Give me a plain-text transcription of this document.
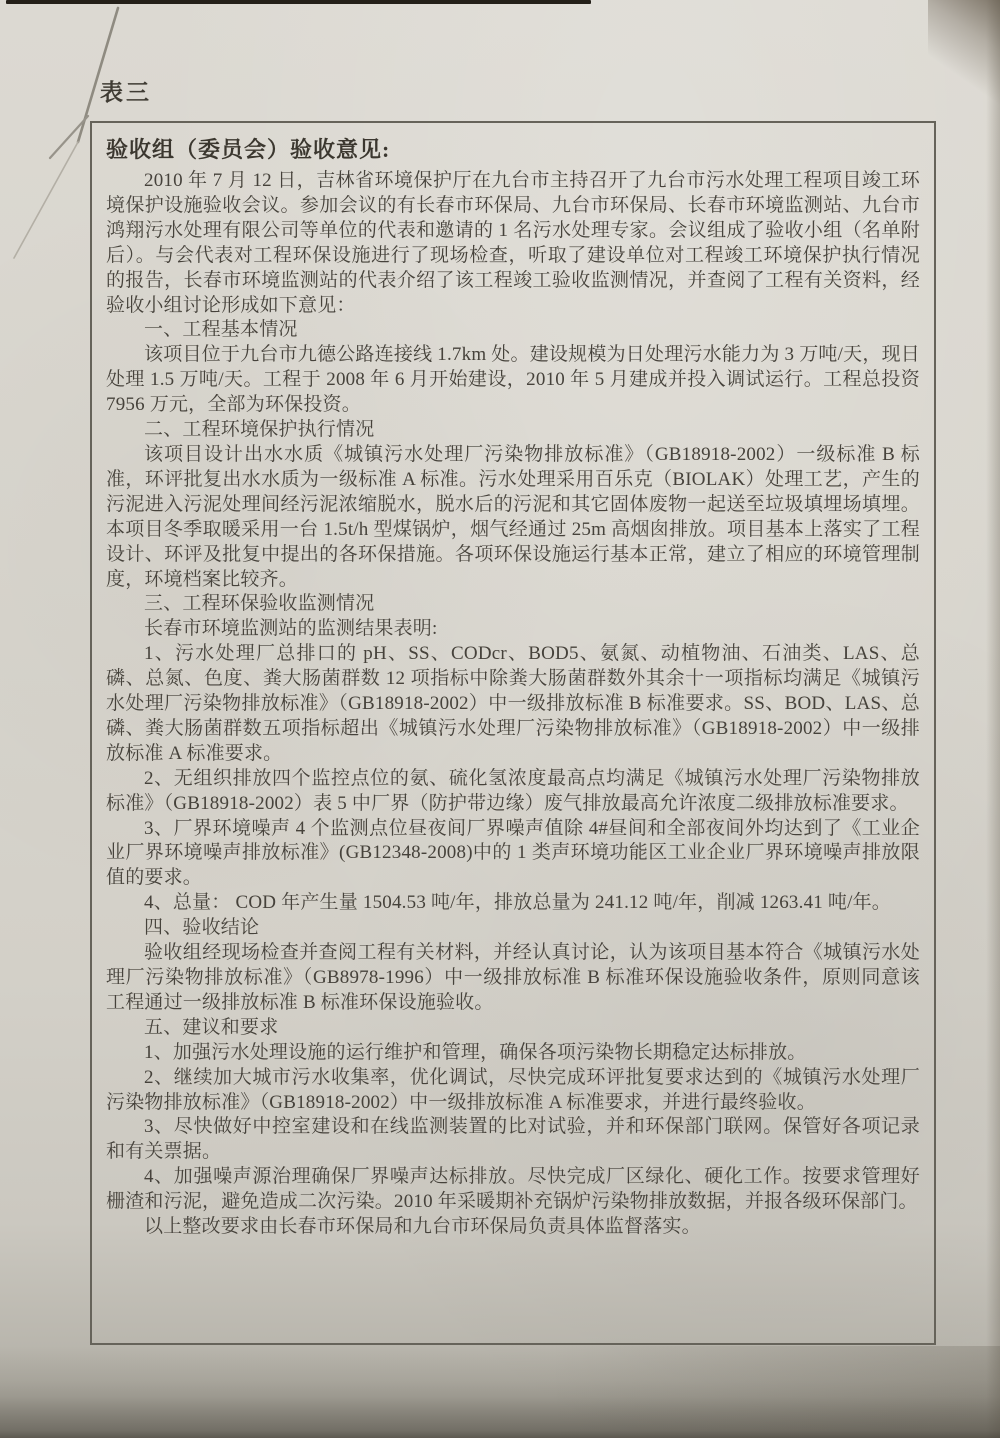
表三
验收组（委员会）验收意见:

2010 年 7 月 12 日，吉林省环境保护厅在九台市主持召开了九台市污水处理工程项目竣工环境保护设施验收会议。参加会议的有长春市环保局、九台市环保局、长春市环境监测站、九台市鸿翔污水处理有限公司等单位的代表和邀请的 1 名污水处理专家。会议组成了验收小组（名单附后）。与会代表对工程环保设施进行了现场检查，听取了建设单位对工程竣工环境保护执行情况的报告，长春市环境监测站的代表介绍了该工程竣工验收监测情况，并查阅了工程有关资料，经验收小组讨论形成如下意见：

一、工程基本情况

该项目位于九台市九德公路连接线 1.7km 处。建设规模为日处理污水能力为 3 万吨/天，现日处理 1.5 万吨/天。工程于 2008 年 6 月开始建设，2010 年 5 月建成并投入调试运行。工程总投资 7956 万元，全部为环保投资。

二、工程环境保护执行情况

该项目设计出水水质《城镇污水处理厂污染物排放标准》（GB18918-2002）一级标准 B 标准，环评批复出水水质为一级标准 A 标准。污水处理采用百乐克（BIOLAK）处理工艺，产生的污泥进入污泥处理间经污泥浓缩脱水，脱水后的污泥和其它固体废物一起送至垃圾填埋场填埋。本项目冬季取暖采用一台 1.5t/h 型煤锅炉，烟气经通过 25m 高烟囱排放。项目基本上落实了工程设计、环评及批复中提出的各环保措施。各项环保设施运行基本正常，建立了相应的环境管理制度，环境档案比较齐。

三、工程环保验收监测情况

长春市环境监测站的监测结果表明:

1、污水处理厂总排口的 pH、SS、CODcr、BOD5、氨氮、动植物油、石油类、LAS、总磷、总氮、色度、粪大肠菌群数 12 项指标中除粪大肠菌群数外其余十一项指标均满足《城镇污水处理厂污染物排放标准》（GB18918-2002）中一级排放标准 B 标准要求。SS、BOD、LAS、总磷、粪大肠菌群数五项指标超出《城镇污水处理厂污染物排放标准》（GB18918-2002）中一级排放标准 A 标准要求。

2、无组织排放四个监控点位的氨、硫化氢浓度最高点均满足《城镇污水处理厂污染物排放标准》（GB18918-2002）表 5 中厂界（防护带边缘）废气排放最高允许浓度二级排放标准要求。

3、厂界环境噪声 4 个监测点位昼夜间厂界噪声值除 4#昼间和全部夜间外均达到了《工业企业厂界环境噪声排放标准》(GB12348-2008)中的 1 类声环境功能区工业企业厂界环境噪声排放限值的要求。

4、总量： COD 年产生量 1504.53 吨/年，排放总量为 241.12 吨/年，削减 1263.41 吨/年。

四、验收结论

验收组经现场检查并查阅工程有关材料，并经认真讨论，认为该项目基本符合《城镇污水处理厂污染物排放标准》（GB8978-1996）中一级排放标准 B 标准环保设施验收条件，原则同意该工程通过一级排放标准 B 标准环保设施验收。

五、建议和要求

1、加强污水处理设施的运行维护和管理，确保各项污染物长期稳定达标排放。

2、继续加大城市污水收集率，优化调试，尽快完成环评批复要求达到的《城镇污水处理厂污染物排放标准》（GB18918-2002）中一级排放标准 A 标准要求，并进行最终验收。

3、尽快做好中控室建设和在线监测装置的比对试验，并和环保部门联网。保管好各项记录和有关票据。

4、加强噪声源治理确保厂界噪声达标排放。尽快完成厂区绿化、硬化工作。按要求管理好栅渣和污泥，避免造成二次污染。2010 年采暖期补充锅炉污染物排放数据，并报各级环保部门。

以上整改要求由长春市环保局和九台市环保局负责具体监督落实。
